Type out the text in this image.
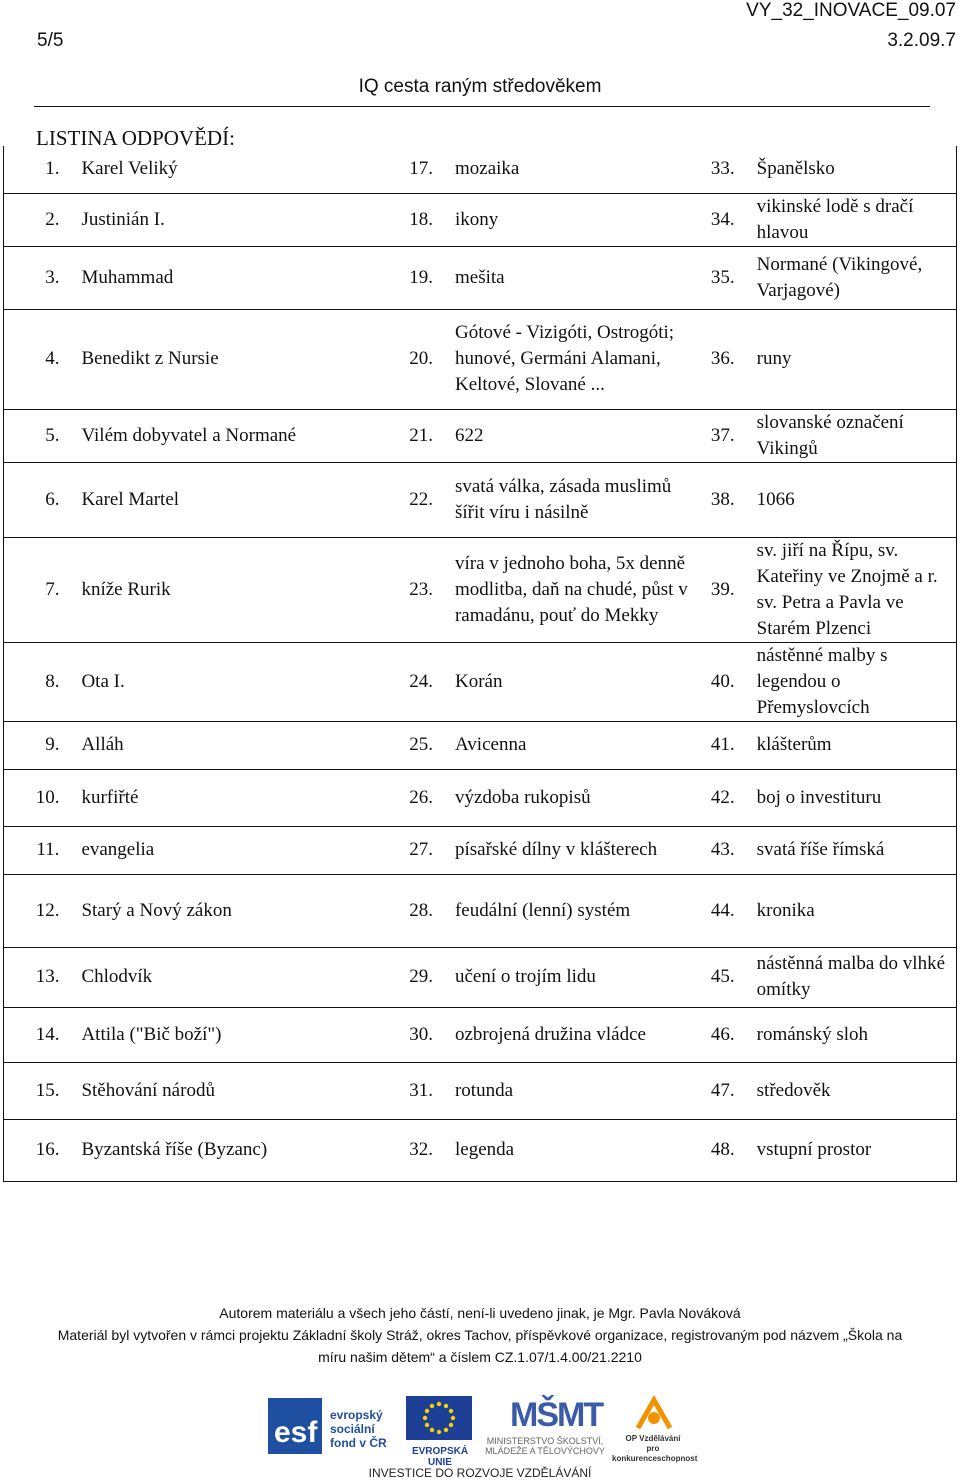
VY_32_INOVACE_09.07
5/5	3.2.09.7
IQ cesta raným středověkem
LISTINA ODPOVĚDÍ:
1.	Karel Veliký	17.	mozaika	33.	Španělsko
2.	Justinián I.	18.	ikony	34.	vikinské lodě s dračí hlavou
3.	Muhammad	19.	mešita	35.	Normané (Vikingové, Varjagové)
4.	Benedikt z Nursie	20.	Gótové - Vizigóti, Ostrogóti; hunové, Germáni Alamani, Keltové, Slované ...	36.	runy
5.	Vilém dobyvatel a Normané	21.	622	37.	slovanské označení Vikingů
6.	Karel Martel	22.	svatá válka, zásada muslimů šířit víru i násilně	38.	1066
7.	kníže Rurik	23.	víra v jednoho boha, 5x denně modlitba, daň na chudé, půst v ramadánu, pouť do Mekky	39.	sv. jiří na Řípu, sv. Kateřiny ve Znojmě a r. sv. Petra a Pavla ve Starém Plzenci
8.	Ota I.	24.	Korán	40.	nástěnné malby s legendou o Přemyslovcích
9.	Alláh	25.	Avicenna	41.	klášterům
10.	kurfiřté	26.	výzdoba rukopisů	42.	boj o investituru
11.	evangelia	27.	písařské dílny v klášterech	43.	svatá říše římská
12.	Starý a Nový zákon	28.	feudální (lenní) systém	44.	kronika
13.	Chlodvík	29.	učení o trojím lidu	45.	nástěnná malba do vlhké omítky
14.	Attila ("Bič boží")	30.	ozbrojená družina vládce	46.	románský sloh
15.	Stěhování národů	31.	rotunda	47.	středověk
16.	Byzantská říše (Byzanc)	32.	legenda	48.	vstupní prostor
Autorem materiálu a všech jeho částí, není-li uvedeno jinak, je Mgr. Pavla Nováková
Materiál byl vytvořen v rámci projektu Základní školy Stráž, okres Tachov, příspěvkové organizace, registrovaným pod názvem „Škola na
míru našim dětem“ a číslem CZ.1.07/1.4.00/21.2210
esf
evropský
sociální
fond v ČR
EVROPSKÁ UNIE
MŠMT
MINISTERSTVO ŠKOLSTVÍ,
MLÁDEŽE A TĚLOVÝCHOVY
OP Vzdělávání
pro konkurenceschopnost
INVESTICE DO ROZVOJE VZDĚLÁVÁNÍ
